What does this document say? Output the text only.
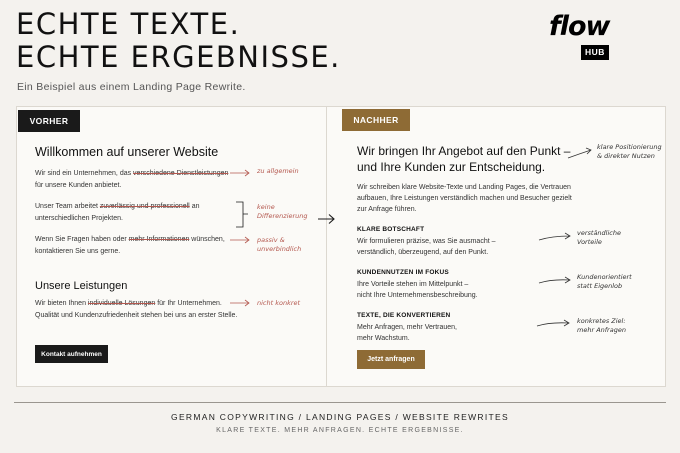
ECHTE TEXTE.
ECHTE ERGEBNISSE.
Ein Beispiel aus einem Landing Page Rewrite.
flow
HUB
VORHER	NACHHER
Willkommen auf unserer Website
Wir sind ein Unternehmen, das verschiedene Dienstleistungen
für unsere Kunden anbietet.
Unser Team arbeitet zuverlässig und professionell an
unterschiedlichen Projekten.
Wenn Sie Fragen haben oder mehr Informationen wünschen,
kontaktieren Sie uns gerne.
Unsere Leistungen
Wir bieten Ihnen individuelle Lösungen für Ihr Unternehmen.
Qualität und Kundenzufriedenheit stehen bei uns an erster Stelle.
Kontakt aufnehmen
zu allgemein
keine
Differenzierung
passiv &
unverbindlich
nicht konkret
Wir bringen Ihr Angebot auf den Punkt – und Ihre Kunden zur Entscheidung.
Wir schreiben klare Website-Texte und Landing Pages, die Vertrauen
aufbauen, Ihre Leistungen verständlich machen und Besucher gezielt
zur Anfrage führen.
KLARE BOTSCHAFT
Wir formulieren präzise, was Sie ausmacht –
verständlich, überzeugend, auf den Punkt.
KUNDENNUTZEN IM FOKUS
Ihre Vorteile stehen im Mittelpunkt –
nicht Ihre Unternehmensbeschreibung.
TEXTE, DIE KONVERTIEREN
Mehr Anfragen, mehr Vertrauen,
mehr Wachstum.
Jetzt anfragen
klare Positionierung
& direkter Nutzen
verständliche
Vorteile
Kundenorientiert
statt Eigenlob
konkretes Ziel:
mehr Anfragen
GERMAN COPYWRITING / LANDING PAGES / WEBSITE REWRITES
KLARE TEXTE. MEHR ANFRAGEN. ECHTE ERGEBNISSE.
